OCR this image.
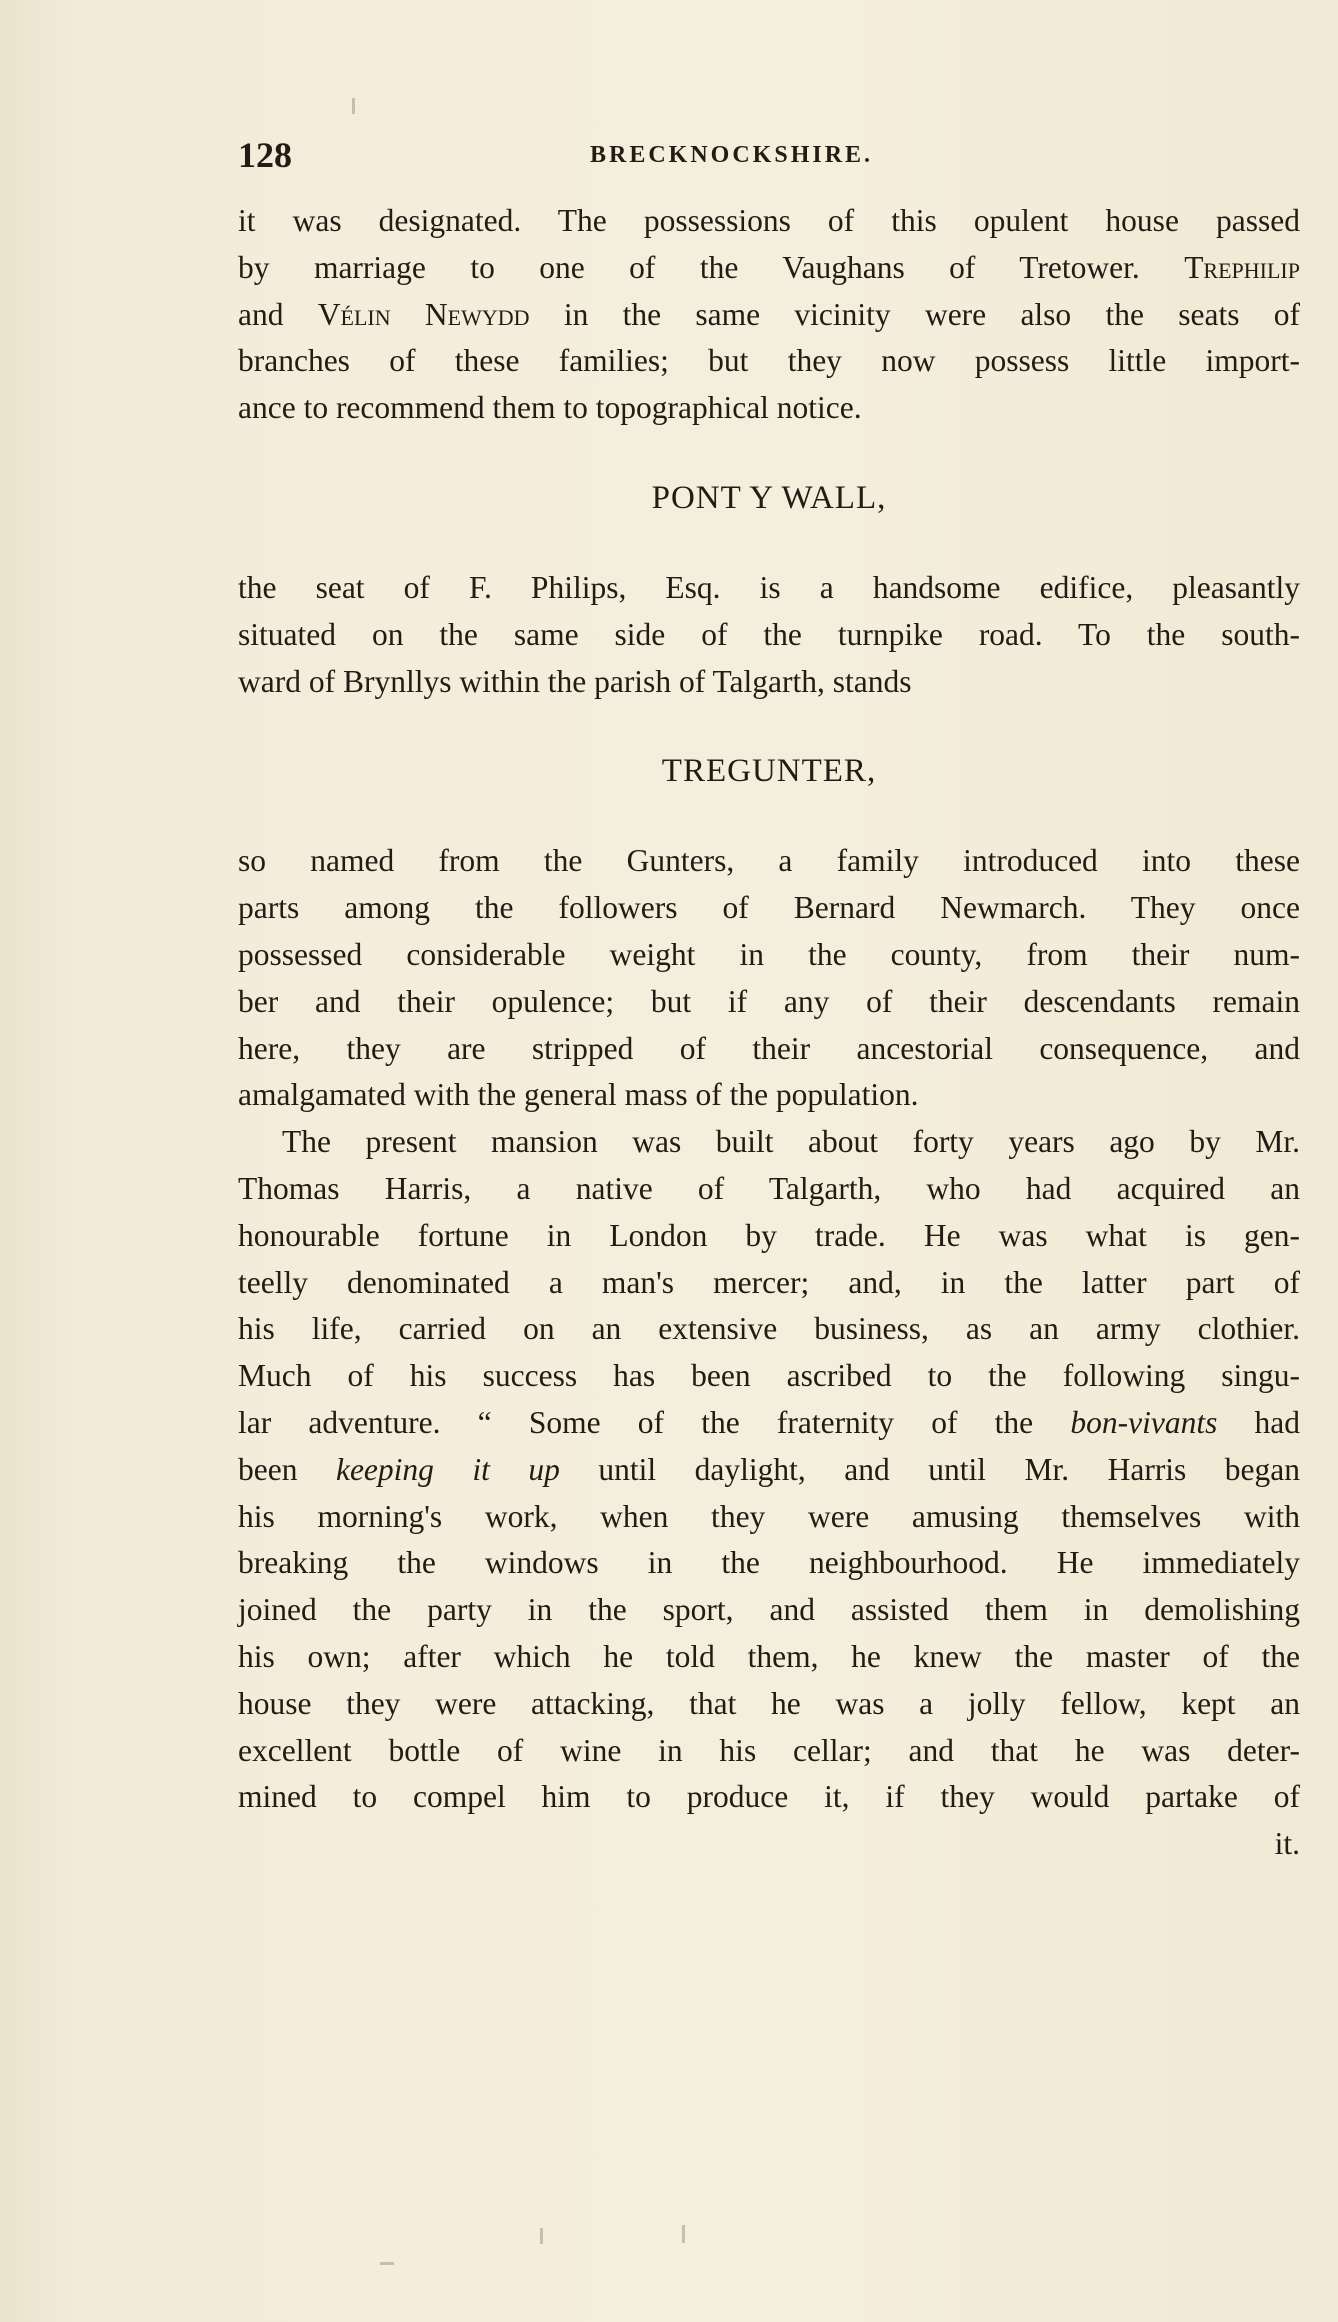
128	BRECKNOCKSHIRE.
it was designated. The possessions of this opulent house passed
by marriage to one of the Vaughans of Tretower. Trephilip
and Vélin Newydd in the same vicinity were also the seats of
branches of these families; but they now possess little import-
ance to recommend them to topographical notice.
PONT Y WALL,
the seat of F. Philips, Esq. is a handsome edifice, pleasantly
situated on the same side of the turnpike road. To the south-
ward of Brynllys within the parish of Talgarth, stands
TREGUNTER,
so named from the Gunters, a family introduced into these
parts among the followers of Bernard Newmarch. They once
possessed considerable weight in the county, from their num-
ber and their opulence; but if any of their descendants remain
here, they are stripped of their ancestorial consequence, and
amalgamated with the general mass of the population.
The present mansion was built about forty years ago by Mr.
Thomas Harris, a native of Talgarth, who had acquired an
honourable fortune in London by trade. He was what is gen-
teelly denominated a man's mercer; and, in the latter part of
his life, carried on an extensive business, as an army clothier.
Much of his success has been ascribed to the following singu-
lar adventure. “ Some of the fraternity of the bon-vivants had
been keeping it up until daylight, and until Mr. Harris began
his morning's work, when they were amusing themselves with
breaking the windows in the neighbourhood. He immediately
joined the party in the sport, and assisted them in demolishing
his own; after which he told them, he knew the master of the
house they were attacking, that he was a jolly fellow, kept an
excellent bottle of wine in his cellar; and that he was deter-
mined to compel him to produce it, if they would partake of
it.
